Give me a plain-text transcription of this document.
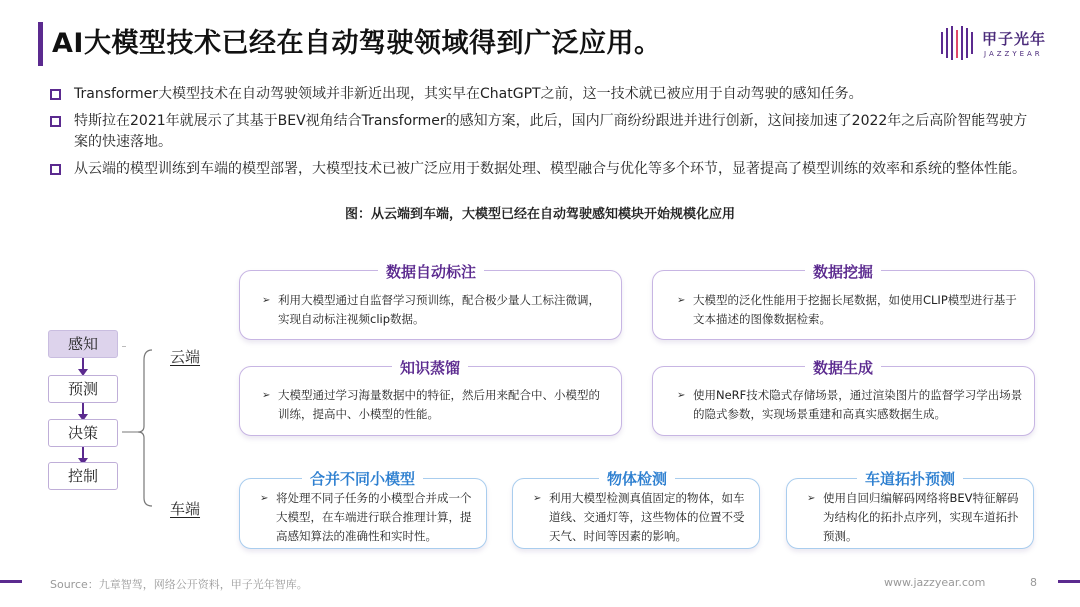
AI大模型技术已经在自动驾驶领域得到广泛应用。	甲子光年
JAZZYEAR
Transformer大模型技术在自动驾驶领域并非新近出现，其实早在ChatGPT之前，这一技术就已被应用于自动驾驶的感知任务。
特斯拉在2021年就展示了其基于BEV视角结合Transformer的感知方案，此后，国内厂商纷纷跟进并进行创新，这间接加速了2022年之后高阶智能驾驶方案的快速落地。
从云端的模型训练到车端的模型部署，大模型技术已被广泛应用于数据处理、模型融合与优化等多个环节，显著提高了模型训练的效率和系统的整体性能。
图：从云端到车端，大模型已经在自动驾驶感知模块开始规模化应用
感知
预测
决策
控制
云端
车端
数据自动标注
➢ 利用大模型通过自监督学习预训练，配合极少量人工标注微调，实现自动标注视频clip数据。
数据挖掘
➢ 大模型的泛化性能用于挖掘长尾数据，如使用CLIP模型进行基于文本描述的图像数据检索。
知识蒸馏
➢ 大模型通过学习海量数据中的特征，然后用来配合中、小模型的训练，提高中、小模型的性能。
数据生成
➢ 使用NeRF技术隐式存储场景，通过渲染图片的监督学习学出场景的隐式参数，实现场景重建和高真实感数据生成。
合并不同小模型
➢ 将处理不同子任务的小模型合并成一个大模型，在车端进行联合推理计算，提高感知算法的准确性和实时性。
物体检测
➢ 利用大模型检测真值固定的物体，如车道线、交通灯等，这些物体的位置不受天气、时间等因素的影响。
车道拓扑预测
➢ 使用自回归编解码网络将BEV特征解码为结构化的拓扑点序列，实现车道拓扑预测。
Source：九章智驾，网络公开资料，甲子光年智库。	www.jazzyear.com	8
